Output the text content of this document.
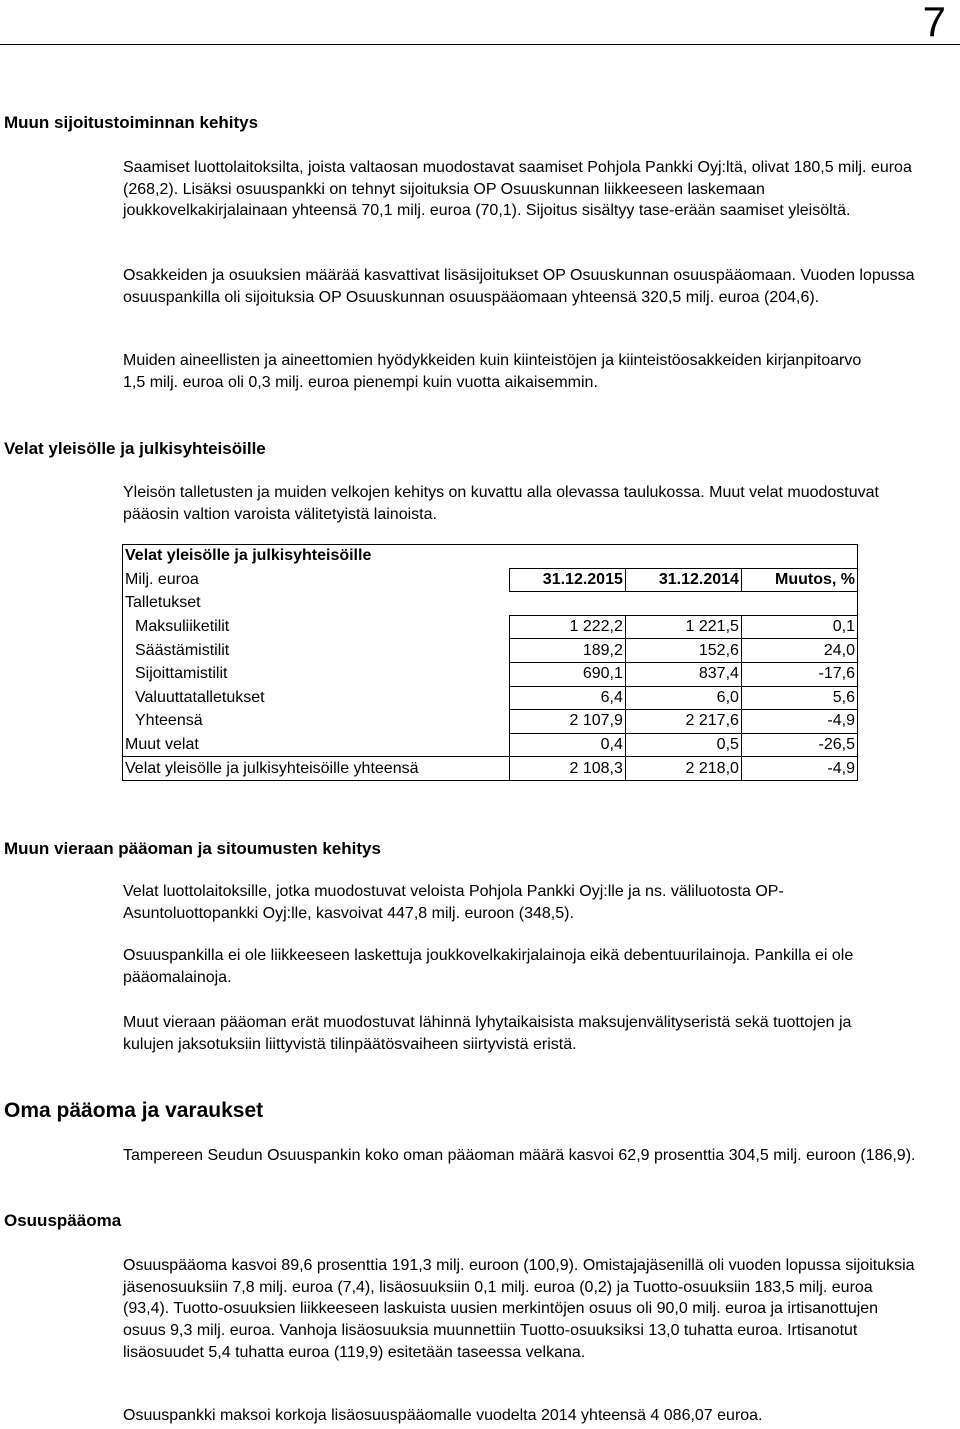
7
Muun sijoitustoiminnan kehitys

Saamiset luottolaitoksilta, joista valtaosan muodostavat saamiset Pohjola Pankki Oyj:ltä, olivat 180,5 milj. euroa (268,2). Lisäksi osuuspankki on tehnyt sijoituksia OP Osuuskunnan liikkeeseen laskemaan joukkovelkakirjalainaan yhteensä 70,1 milj. euroa (70,1). Sijoitus sisältyy tase-erään saamiset yleisöltä.

Osakkeiden ja osuuksien määrää kasvattivat lisäsijoitukset OP Osuuskunnan osuuspääomaan. Vuoden lopussa osuuspankilla oli sijoituksia OP Osuuskunnan osuuspääomaan yhteensä 320,5 milj. euroa (204,6).

Muiden aineellisten ja aineettomien hyödykkeiden kuin kiinteistöjen ja kiinteistöosakkeiden kirjanpitoarvo 1,5 milj. euroa oli 0,3 milj. euroa pienempi kuin vuotta aikaisemmin.

Velat yleisölle ja julkisyhteisöille

Yleisön talletusten ja muiden velkojen kehitys on kuvattu alla olevassa taulukossa. Muut velat muodostuvat pääosin valtion varoista välitetyistä lainoista.

Velat yleisölle ja julkisyhteisöille			
Milj. euroa	31.12.2015	31.12.2014	Muutos, %
Talletukset			
Maksuliiketilit	1 222,2	1 221,5	0,1
Säästämistilit	189,2	152,6	24,0
Sijoittamistilit	690,1	837,4	-17,6
Valuuttatalletukset	6,4	6,0	5,6
Yhteensä	2 107,9	2 217,6	-4,9
Muut velat	0,4	0,5	-26,5
Velat yleisölle ja julkisyhteisöille yhteensä	2 108,3	2 218,0	-4,9
Muun vieraan pääoman ja sitoumusten kehitys

Velat luottolaitoksille, jotka muodostuvat veloista Pohjola Pankki Oyj:lle ja ns. väliluotosta OP-Asuntoluottopankki Oyj:lle, kasvoivat 447,8 milj. euroon (348,5).

Osuuspankilla ei ole liikkeeseen laskettuja joukkovelkakirjalainoja eikä debentuurilainoja. Pankilla ei ole pääomalainoja.

Muut vieraan pääoman erät muodostuvat lähinnä lyhytaikaisista maksujenvälityseristä sekä tuottojen ja kulujen jaksotuksiin liittyvistä tilinpäätösvaiheen siirtyvistä eristä.

Oma pääoma ja varaukset
Osuuspääoma

Tampereen Seudun Osuuspankin koko oman pääoman määrä kasvoi 62,9 prosenttia 304,5 milj. euroon (186,9).

Osuuspääoma kasvoi 89,6 prosenttia 191,3 milj. euroon (100,9). Omistajajäsenillä oli vuoden lopussa sijoituksia jäsenosuuksiin 7,8 milj. euroa (7,4), lisäosuuksiin 0,1 milj. euroa (0,2) ja Tuotto-osuuksiin 183,5 milj. euroa (93,4). Tuotto-osuuksien liikkeeseen laskuista uusien merkintöjen osuus oli 90,0 milj. euroa ja irtisanottujen osuus 9,3 milj. euroa. Vanhoja lisäosuuksia muunnettiin Tuotto-osuuksiksi 13,0 tuhatta euroa. Irtisanotut lisäosuudet 5,4 tuhatta euroa (119,9) esitetään taseessa velkana.

Osuuspankki maksoi korkoja lisäosuuspääomalle vuodelta 2014 yhteensä 4 086,07 euroa.
